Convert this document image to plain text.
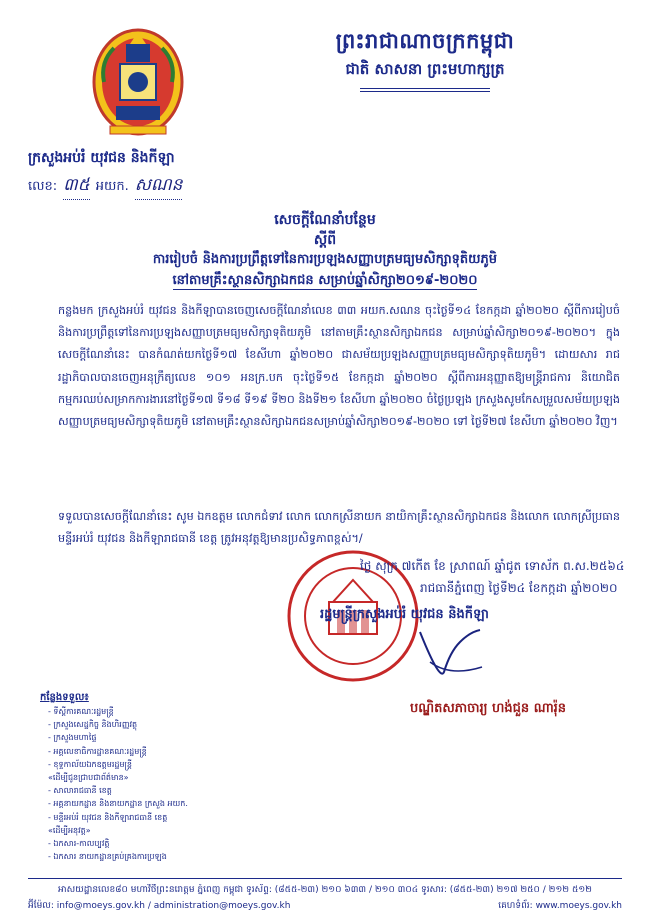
ព្រះរាជាណាចក្រកម្ពុជា
ជាតិ សាសនា ព្រះមហាក្សត្រ
ក្រសួងអប់រំ យុវជន និងកីឡា
លេខ: ៣៥ អយក. សណន
សេចក្តីណែនាំបន្ថែម
ស្តីពី
ការរៀបចំ និងការប្រព្រឹត្តទៅនៃការប្រឡងសញ្ញាបត្រមធ្យមសិក្សាទុតិយភូមិ
នៅតាមគ្រឹះស្ថានសិក្សាឯកជន សម្រាប់ឆ្នាំសិក្សា២០១៩-២០២០
កន្លងមក ក្រសួងអប់រំ យុវជន និងកីឡាបានចេញសេចក្តីណែនាំលេខ ៣៣ អយក.សណន ចុះថ្ងៃទី១៤ ខែកក្កដា ឆ្នាំ២០២០ ស្តីពីការរៀបចំ និងការប្រព្រឹត្តទៅនៃការប្រឡងសញ្ញាបត្រមធ្យមសិក្សាទុតិយភូមិ នៅតាមគ្រឹះស្ថានសិក្សាឯកជន សម្រាប់ឆ្នាំសិក្សា២០១៩-២០២០។ ក្នុងសេចក្តីណែនាំនេះ បានកំណត់យកថ្ងៃទី១៧ ខែសីហា ឆ្នាំ២០២០ ជាសម័យប្រឡងសញ្ញាបត្រមធ្យមសិក្សាទុតិយភូមិ។ ដោយសារ រាជរដ្ឋាភិបាលបានចេញអនុក្រឹត្យលេខ ១០១ អនក្រ.បក ចុះថ្ងៃទី១៥ ខែកក្កដា ឆ្នាំ២០២០ ស្តីពីការអនុញ្ញាតឱ្យមន្ត្រីរាជការ និយោជិត កម្មករឈប់សម្រាកការងារនៅថ្ងៃទី១៧ ទី១៨ ទី១៩ ទី២០ និងទី២១ ខែសីហា ឆ្នាំ២០២០ ចំថ្ងៃប្រឡង ក្រសួងសូមកែសម្រួលសម័យប្រឡងសញ្ញាបត្រមធ្យមសិក្សាទុតិយភូមិ នៅតាមគ្រឹះស្ថានសិក្សាឯកជនសម្រាប់ឆ្នាំសិក្សា២០១៩-២០២០ ទៅ ថ្ងៃទី២៧ ខែសីហា ឆ្នាំ២០២០ វិញ។
ទទួលបានសេចក្តីណែនាំនេះ សូម ឯកឧត្តម លោកជំទាវ លោក លោកស្រីនាយក នាយិកាគ្រឹះស្ថានសិក្សាឯកជន និងលោក លោកស្រីប្រធានមន្ទីរអប់រំ យុវជន និងកីឡារាជធានី ខេត្ត ត្រូវអនុវត្តឱ្យមានប្រសិទ្ធភាពខ្ពស់។/
ថ្ងៃ សុក្រ ៧កើត ខែ ស្រាពណ៍ ឆ្នាំជូត ទោស័ក ព.ស.២៥៦៤
រាជធានីភ្នំពេញ ថ្ងៃទី២៤ ខែកក្កដា ឆ្នាំ២០២០
រដ្ឋមន្ត្រីក្រសួងអប់រំ យុវជន និងកីឡា
បណ្ឌិតសភាចារ្យ ហង់ជួន ណារ៉ុន
កន្លែងទទួល៖
- ទីស្តីការគណៈរដ្ឋមន្ត្រី
- ក្រសួងសេដ្ឋកិច្ច និងហិរញ្ញវត្ថុ
- ក្រសួងមហាផ្ទៃ
- អគ្គលេខាធិការដ្ឋានគណៈរដ្ឋមន្ត្រី
- ខុទ្ទកាល័យឯកឧត្តមរដ្ឋមន្ត្រី
«ដើម្បីជូនជ្រាបជាព័ត៌មាន»
- សាលារាជធានី ខេត្ត
- អគ្គនាយកដ្ឋាន និងនាយកដ្ឋាន ក្រសួង អយក.
- មន្ទីរអប់រំ យុវជន និងកីឡារាជធានី ខេត្ត
«ដើម្បីអនុវត្ត»
- ឯកសារ-កាលប្បវត្តិ
- ឯកសារ នាយកដ្ឋានគ្រប់គ្រងការប្រឡង
អាសយដ្ឋានលេខ៨០ មហាវិថីព្រះនរោត្តម ភ្នំពេញ កម្ពុជា ទូរស័ព្ទ: (៨៥៥-២៣) ២១០ ៦៣៣ / ២១០ ៣០៤ ទូរសារ: (៨៥៥-២៣) ២១៧ ២៥០ / ២១២ ៥១២
អ៊ីម៉ែល: info@moeys.gov.kh / administration@moeys.gov.kh	គេហទំព័រ: www.moeys.gov.kh
